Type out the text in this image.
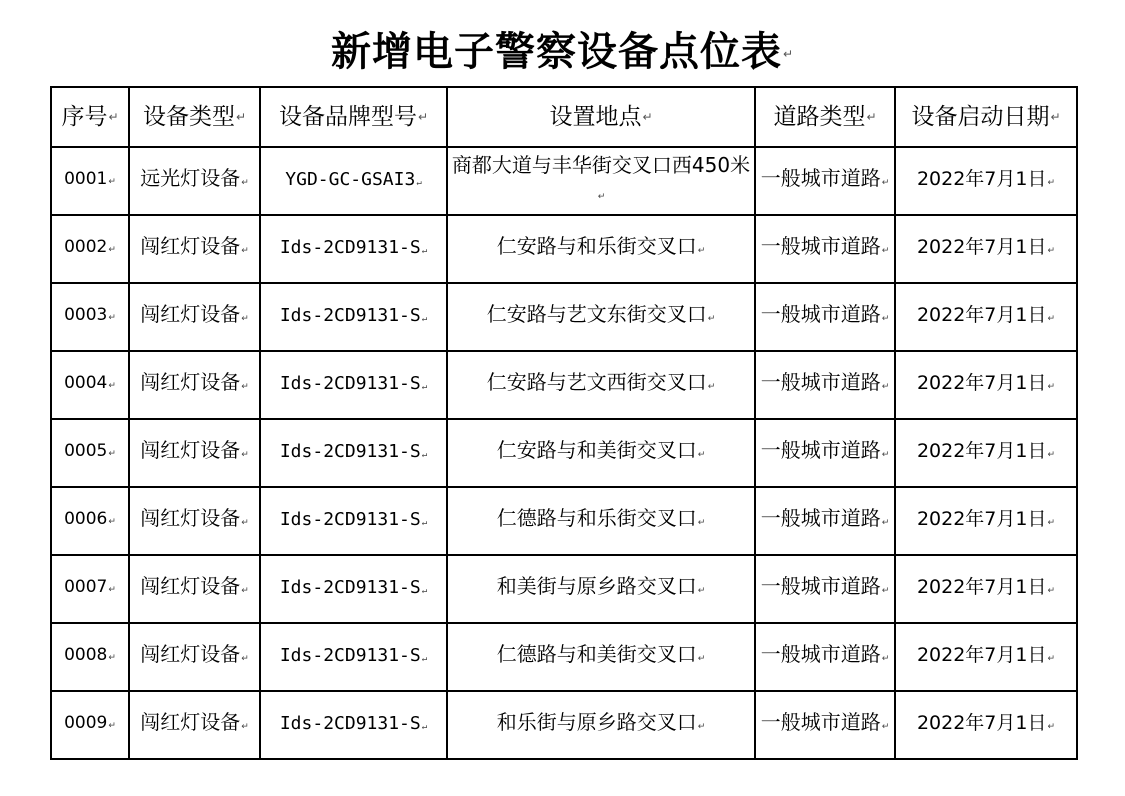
新增电子警察设备点位表↵
序号↵	设备类型↵	设备品牌型号↵	设置地点↵	道路类型↵	设备启动日期↵
0001↵	远光灯设备↵	YGD-GC-GSAI3↵	商都大道与丰华街交叉口西450米↵	一般城市道路↵	2022年7月1日↵
0002↵	闯红灯设备↵	Ids-2CD9131-S↵	仁安路与和乐街交叉口↵	一般城市道路↵	2022年7月1日↵
0003↵	闯红灯设备↵	Ids-2CD9131-S↵	仁安路与艺文东街交叉口↵	一般城市道路↵	2022年7月1日↵
0004↵	闯红灯设备↵	Ids-2CD9131-S↵	仁安路与艺文西街交叉口↵	一般城市道路↵	2022年7月1日↵
0005↵	闯红灯设备↵	Ids-2CD9131-S↵	仁安路与和美街交叉口↵	一般城市道路↵	2022年7月1日↵
0006↵	闯红灯设备↵	Ids-2CD9131-S↵	仁德路与和乐街交叉口↵	一般城市道路↵	2022年7月1日↵
0007↵	闯红灯设备↵	Ids-2CD9131-S↵	和美街与原乡路交叉口↵	一般城市道路↵	2022年7月1日↵
0008↵	闯红灯设备↵	Ids-2CD9131-S↵	仁德路与和美街交叉口↵	一般城市道路↵	2022年7月1日↵
0009↵	闯红灯设备↵	Ids-2CD9131-S↵	和乐街与原乡路交叉口↵	一般城市道路↵	2022年7月1日↵
